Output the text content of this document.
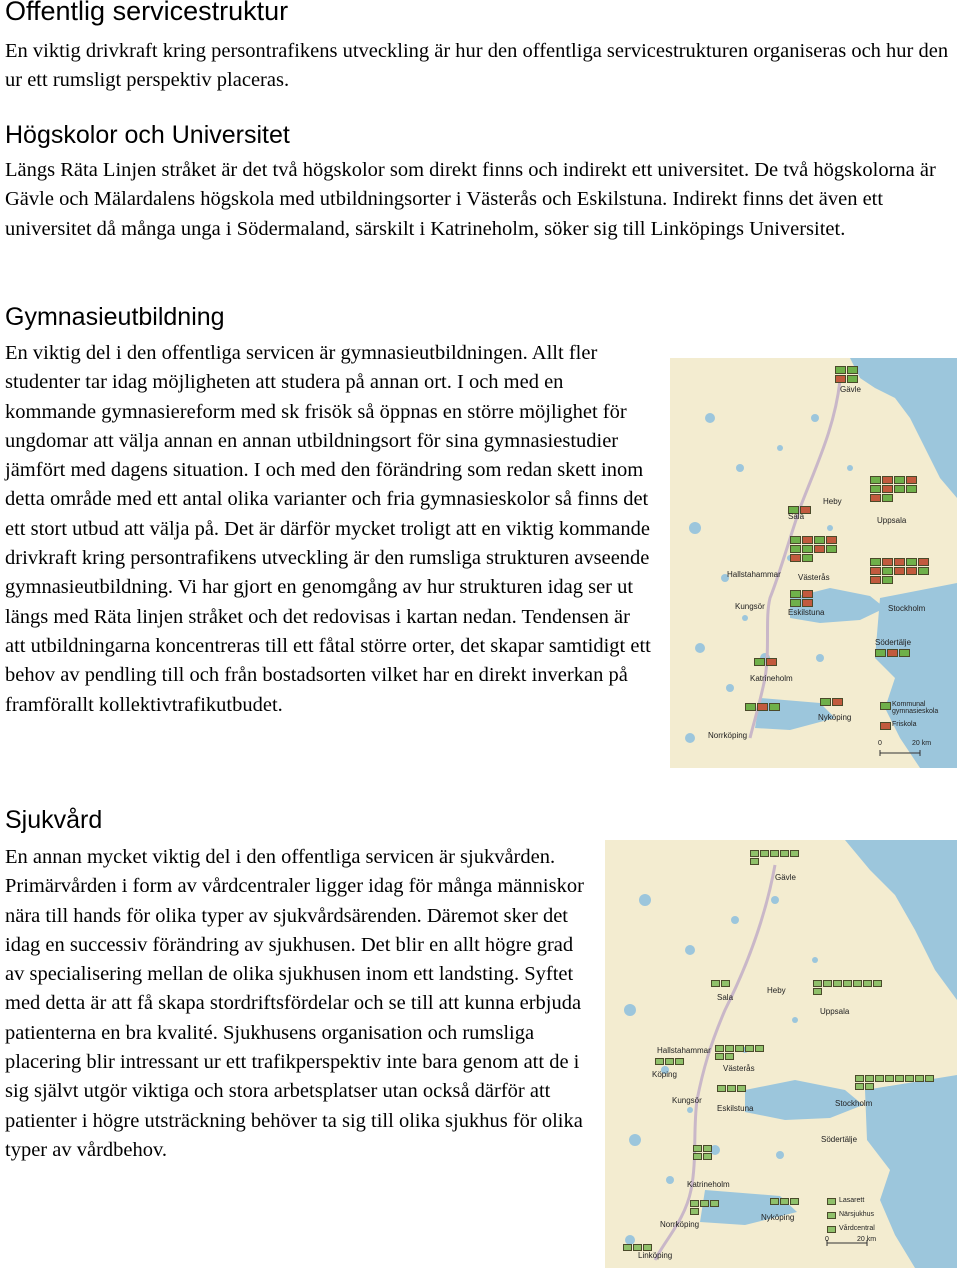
Offentlig servicestruktur

En viktig drivkraft kring persontrafikens utveckling är hur den offentliga servicestrukturen organiseras och hur den ur ett rumsligt perspektiv placeras.

Högskolor och Universitet

Längs Räta Linjen stråket är det två högskolor som direkt finns och indirekt ett universitet. De två högskolorna är Gävle och Mälardalens högskola med utbildningsorter i Västerås och Eskilstuna. Indirekt finns det även ett universitet då många unga i Södermaland, särskilt i Katrineholm, söker sig till Linköpings Universitet.

Gymnasieutbildning

En viktig del i den offentliga servicen är gymnasieutbildningen. Allt fler studenter tar idag möjligheten att studera på annan ort. I och med en kommande gymnasiereform med sk frisök så öppnas en större möjlighet för ungdomar att välja annan en annan utbildningsort för sina gymnasiestudier jämfört med dagens situation. I och med den förändring som redan skett inom detta område med ett antal olika varianter och fria gymnasieskolor så finns det ett stort utbud att välja på. Det är därför mycket troligt att en viktig kommande drivkraft kring persontrafikens utveckling är den rumsliga strukturen avseende gymnasieutbildning. Vi har gjort en genomgång av hur strukturen idag ser ut längs med Räta linjen stråket och det redovisas i kartan nedan. Tendensen är att utbildningarna koncentreras till ett fåtal större orter, det skapar samtidigt ett behov av pendling till och från bostadsorten vilket har en direkt inverkan på framförallt kollektivtrafikutbudet.

Sjukvård

En annan mycket viktig del i den offentliga servicen är sjukvården. Primärvården i form av vårdcentraler ligger idag för många människor nära till hands för olika typer av sjukvårdsärenden. Däremot sker det idag en successiv förändring av sjukhusen. Det blir en allt högre grad av specialisering mellan de olika sjukhusen inom ett landsting. Syftet med detta är att få skapa stordriftsfördelar och se till att kunna erbjuda patienterna en bra kvalité. Sjukhusens organisation och rumsliga placering blir intressant ur ett trafikperspektiv inte bara genom att de i sig självt utgör viktiga och stora arbetsplatser utan också därför att patienter i högre utsträckning behöver ta sig till olika sjukhus för olika typer av vårdbehov.

Gävle
Heby
Uppsala
Sala
Hallstahammar Västerås
Kungsör
Eskilstuna	Stockholm
Södertälje
Katrineholm
Nyköping
Norrköping
Kommunal gymnasieskola
Friskola
0	20 km
Gävle
Heby
Uppsala
Sala
Hallstahammar
Köping
Västerås
Kungsör
Eskilstuna
Stockholm
Södertälje
Katrineholm
Nyköping
Norrköping
Linköping
Lasarett
Närsjukhus
Vårdcentral
0	20 km
